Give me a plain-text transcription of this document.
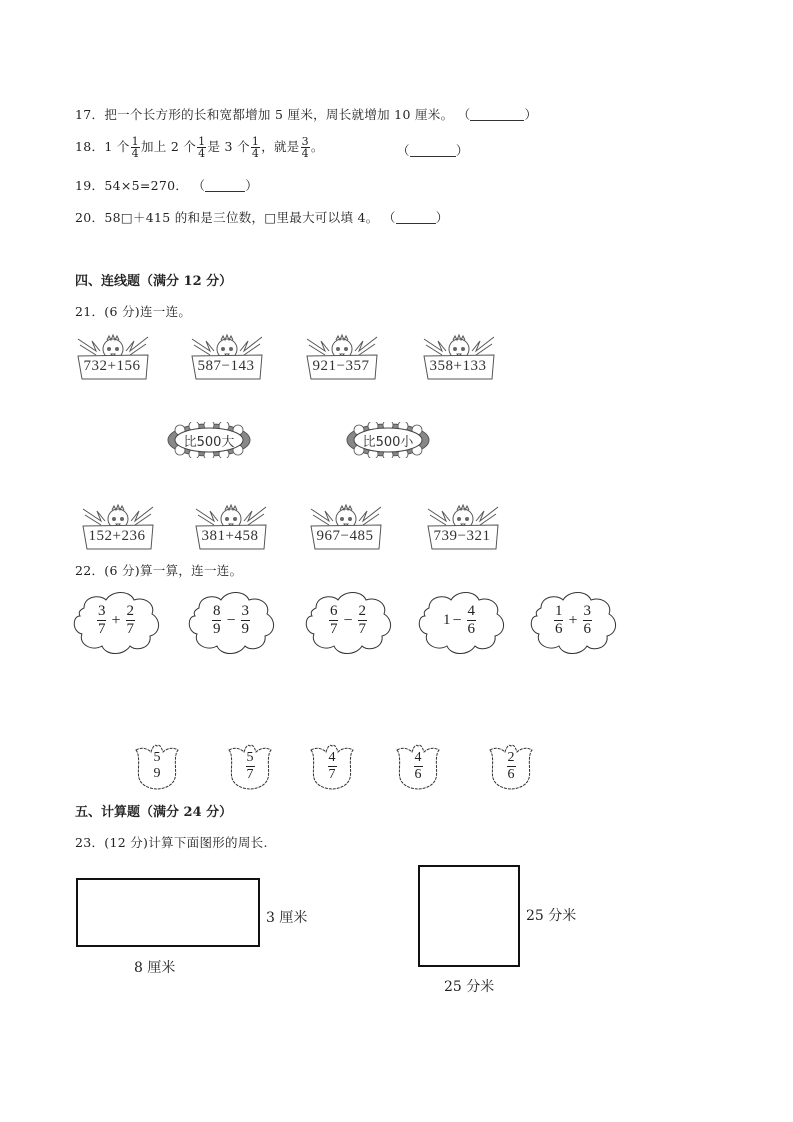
17．把一个长方形的长和宽都增加 5 厘米，周长就增加 10 厘米。 （	）
18．1 个 $\frac{1}{4}$ 加上 2 个 $\frac{1}{4}$ 是 3 个 $\frac{1}{4}$ ，就是 $\frac{3}{4}$ 。	（	）
19．54×5=270． （	）
20．58□＋415 的和是三位数，□里最大可以填 4。 （	）
四、连线题（满分 12 分）
21．(6 分)连一连。
732+156	587−143	921−357	358+133
比500大	比500小
152+236	381+458	967−485	739−321
22．(6 分)算一算，连一连。
$\frac{3}{7} + \frac{2}{7}$	$\frac{8}{9} - \frac{3}{9}$	$\frac{6}{7} - \frac{2}{7}$	$1 - \frac{4}{6}$	$\frac{1}{6} + \frac{3}{6}$
5
9	$\frac{5}{7}$	$\frac{4}{7}$	$\frac{4}{6}$	$\frac{2}{6}$
五、计算题（满分 24 分）
23．(12 分)计算下面图形的周长.
3 厘米
8 厘米
25 分米
25 分米
